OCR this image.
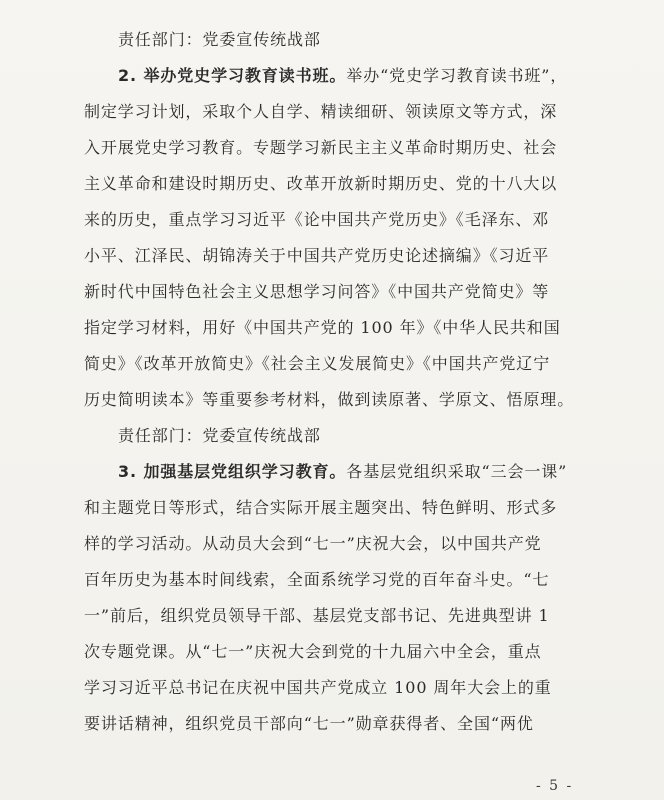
责任部门：党委宣传统战部
2. 举办党史学习教育读书班。举办“党史学习教育读书班”，
制定学习计划，采取个人自学、精读细研、领读原文等方式，深
入开展党史学习教育。专题学习新民主主义革命时期历史、社会
主义革命和建设时期历史、改革开放新时期历史、党的十八大以
来的历史，重点学习习近平《论中国共产党历史》《毛泽东、邓
小平、江泽民、胡锦涛关于中国共产党历史论述摘编》《习近平
新时代中国特色社会主义思想学习问答》《中国共产党简史》等
指定学习材料，用好《中国共产党的 100 年》《中华人民共和国
简史》《改革开放简史》《社会主义发展简史》《中国共产党辽宁
历史简明读本》等重要参考材料，做到读原著、学原文、悟原理。
责任部门：党委宣传统战部
3. 加强基层党组织学习教育。各基层党组织采取“三会一课”
和主题党日等形式，结合实际开展主题突出、特色鲜明、形式多
样的学习活动。从动员大会到“七一”庆祝大会，以中国共产党
百年历史为基本时间线索，全面系统学习党的百年奋斗史。“七
一”前后，组织党员领导干部、基层党支部书记、先进典型讲 1
次专题党课。从“七一”庆祝大会到党的十九届六中全会，重点
学习习近平总书记在庆祝中国共产党成立 100 周年大会上的重
要讲话精神，组织党员干部向“七一”勋章获得者、全国“两优
- 5 -
